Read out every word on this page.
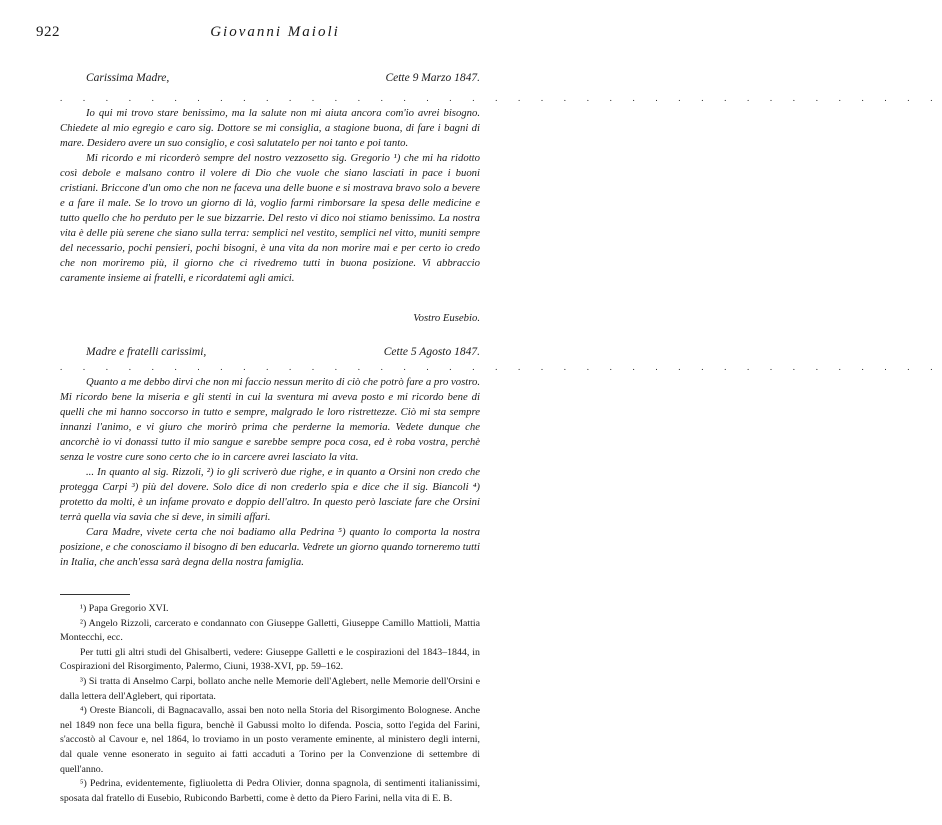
922	Giovanni Maioli
Carissima Madre,	Cette 9 Marzo 1847.
. . . . . . . . . . . . . . . . . . . . . . . . . . . . . . . . . . . . . . .

Io qui mi trovo stare benissimo, ma la salute non mi aiuta ancora com'io avrei bisogno. Chiedete al mio egregio e caro sig. Dottore se mi consiglia, a stagione buona, di fare i bagni di mare. Desidero avere un suo consiglio, e così salutatelo per noi tanto e poi tanto.

Mi ricordo e mi ricorderò sempre del nostro vezzosetto sig. Gregorio ¹) che mi ha ridotto così debole e malsano contro il volere di Dio che vuole che siano lasciati in pace i buoni cristiani. Briccone d'un omo che non ne faceva una delle buone e si mostrava bravo solo a bevere e a fare il male. Se lo trovo un giorno di là, voglio farmi rimborsare la spesa delle medicine e tutto quello che ho perduto per le sue bizzarrie. Del resto vi dico noi stiamo benissimo. La nostra vita è delle più serene che siano sulla terra: semplici nel vestito, semplici nel vitto, muniti sempre del necessario, pochi pensieri, pochi bisogni, è una vita da non morire mai e per certo io credo che non moriremo più, il giorno che ci rivedremo tutti in buona posizione. Vi abbraccio caramente insieme ai fratelli, e ricordatemi agli amici.

Vostro Eusebio.
Madre e fratelli carissimi,	Cette 5 Agosto 1847.
. . . . . . . . . . . . . . . . . . . . . . . . . . . . . . . . . . . . . . .

Quanto a me debbo dirvi che non mi faccio nessun merito di ciò che potrò fare a pro vostro. Mi ricordo bene la miseria e gli stenti in cui la sventura mi aveva posto e mi ricordo bene di quelli che mi hanno soccorso in tutto e sempre, malgrado le loro ristrettezze. Ciò mi sta sempre innanzi l'animo, e vi giuro che morirò prima che perderne la memoria. Vedete dunque che ancorchè io vi donassi tutto il mio sangue e sarebbe sempre poca cosa, ed è roba vostra, perchè senza le vostre cure sono certo che io in carcere avrei lasciato la vita.

... In quanto al sig. Rizzoli, ²) io gli scriverò due righe, e in quanto a Orsini non credo che protegga Carpi ³) più del dovere. Solo dice di non crederlo spia e dice che il sig. Biancoli ⁴) protetto da molti, è un infame provato e doppio dell'altro. In questo però lasciate fare che Orsini terrà quella via savia che si deve, in simili affari.

Cara Madre, vivete certa che noi badiamo alla Pedrina ⁵) quanto lo comporta la nostra posizione, e che conosciamo il bisogno di ben educarla. Vedrete un giorno quando torneremo tutti in Italia, che anch'essa sarà degna della nostra famiglia.

¹) Papa Gregorio XVI.

²) Angelo Rizzoli, carcerato e condannato con Giuseppe Galletti, Giuseppe Camillo Mattioli, Mattia Montecchi, ecc.

Per tutti gli altri studi del Ghisalberti, vedere: Giuseppe Galletti e le cospirazioni del 1843–1844, in Cospirazioni del Risorgimento, Palermo, Ciuni, 1938-XVI, pp. 59–162.

³) Si tratta di Anselmo Carpi, bollato anche nelle Memorie dell'Aglebert, nelle Memorie dell'Orsini e dalla lettera dell'Aglebert, qui riportata.

⁴) Oreste Biancoli, di Bagnacavallo, assai ben noto nella Storia del Risorgimento Bolognese. Anche nel 1849 non fece una bella figura, benchè il Gabussi molto lo difenda. Poscia, sotto l'egida del Farini, s'accostò al Cavour e, nel 1864, lo troviamo in un posto veramente eminente, al ministero degli interni, dal quale venne esonerato in seguito ai fatti accaduti a Torino per la Convenzione di settembre di quell'anno.

⁵) Pedrina, evidentemente, figliuoletta di Pedra Olivier, donna spagnola, di sentimenti italianissimi, sposata dal fratello di Eusebio, Rubicondo Barbetti, come è detto da Piero Farini, nella vita di E. B.
